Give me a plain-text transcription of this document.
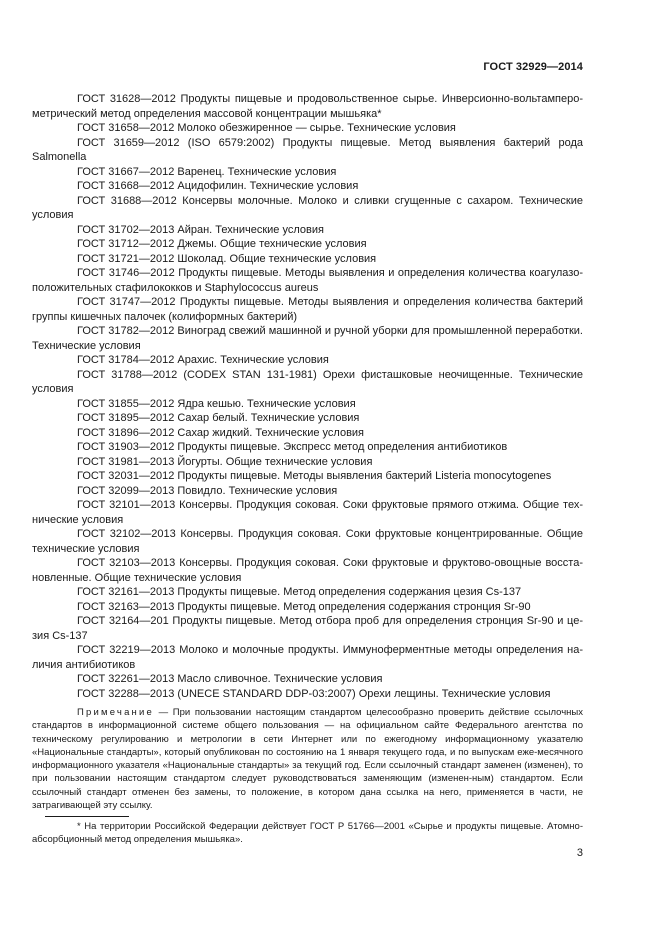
ГОСТ 32929—2014

ГОСТ 31628—2012 Продукты пищевые и продовольственное сырье. Инверсионно-вольтамперо-метрический метод определения массовой концентрации мышьяка*

ГОСТ 31658—2012 Молоко обезжиренное — сырье. Технические условия

ГОСТ 31659—2012 (ISO 6579:2002) Продукты пищевые. Метод выявления бактерий рода Salmonella

ГОСТ 31667—2012 Варенец. Технические условия

ГОСТ 31668—2012 Ацидофилин. Технические условия

ГОСТ 31688—2012 Консервы молочные. Молоко и сливки сгущенные с сахаром. Технические условия

ГОСТ 31702—2013 Айран. Технические условия

ГОСТ 31712—2012 Джемы. Общие технические условия

ГОСТ 31721—2012 Шоколад. Общие технические условия

ГОСТ 31746—2012 Продукты пищевые. Методы выявления и определения количества коагулазо-положительных стафилококков и Staphylococcus aureus

ГОСТ 31747—2012 Продукты пищевые. Методы выявления и определения количества бактерий группы кишечных палочек (колиформных бактерий)

ГОСТ 31782—2012 Виноград свежий машинной и ручной уборки для промышленной переработки. Технические условия

ГОСТ 31784—2012 Арахис. Технические условия

ГОСТ 31788—2012 (CODEX STAN 131-1981) Орехи фисташковые неочищенные. Технические условия

ГОСТ 31855—2012 Ядра кешью. Технические условия

ГОСТ 31895—2012 Сахар белый. Технические условия

ГОСТ 31896—2012 Сахар жидкий. Технические условия

ГОСТ 31903—2012 Продукты пищевые. Экспресс метод определения антибиотиков

ГОСТ 31981—2013 Йогурты. Общие технические условия

ГОСТ 32031—2012 Продукты пищевые. Методы выявления бактерий Listeria monocytogenes

ГОСТ 32099—2013 Повидло. Технические условия

ГОСТ 32101—2013 Консервы. Продукция соковая. Соки фруктовые прямого отжима. Общие тех-нические условия

ГОСТ 32102—2013 Консервы. Продукция соковая. Соки фруктовые концентрированные. Общие технические условия

ГОСТ 32103—2013 Консервы. Продукция соковая. Соки фруктовые и фруктово-овощные восста-новленные. Общие технические условия

ГОСТ 32161—2013 Продукты пищевые. Метод определения содержания цезия Cs-137

ГОСТ 32163—2013 Продукты пищевые. Метод определения содержания стронция Sr-90

ГОСТ 32164—201 Продукты пищевые. Метод отбора проб для определения стронция Sr-90 и це-зия Cs-137

ГОСТ 32219—2013 Молоко и молочные продукты. Иммуноферментные методы определения на-личия антибиотиков

ГОСТ 32261—2013 Масло сливочное. Технические условия

ГОСТ 32288—2013 (UNECE STANDARD DDP-03:2007) Орехи лещины. Технические условия

Примечание — При пользовании настоящим стандартом целесообразно проверить действие ссылочных стандартов в информационной системе общего пользования — на официальном сайте Федерального агентства по техническому регулированию и метрологии в сети Интернет или по ежегодному информационному указателю «Национальные стандарты», который опубликован по состоянию на 1 января текущего года, и по выпускам еже-месячного информационного указателя «Национальные стандарты» за текущий год. Если ссылочный стандарт заменен (изменен), то при пользовании настоящим стандартом следует руководствоваться заменяющим (изменен-ным) стандартом. Если ссылочный стандарт отменен без замены, то положение, в котором дана ссылка на него, применяется в части, не затрагивающей эту ссылку.

* На территории Российской Федерации действует ГОСТ Р 51766—2001 «Сырье и продукты пищевые. Атомно-абсорбционный метод определения мышьяка».

3
